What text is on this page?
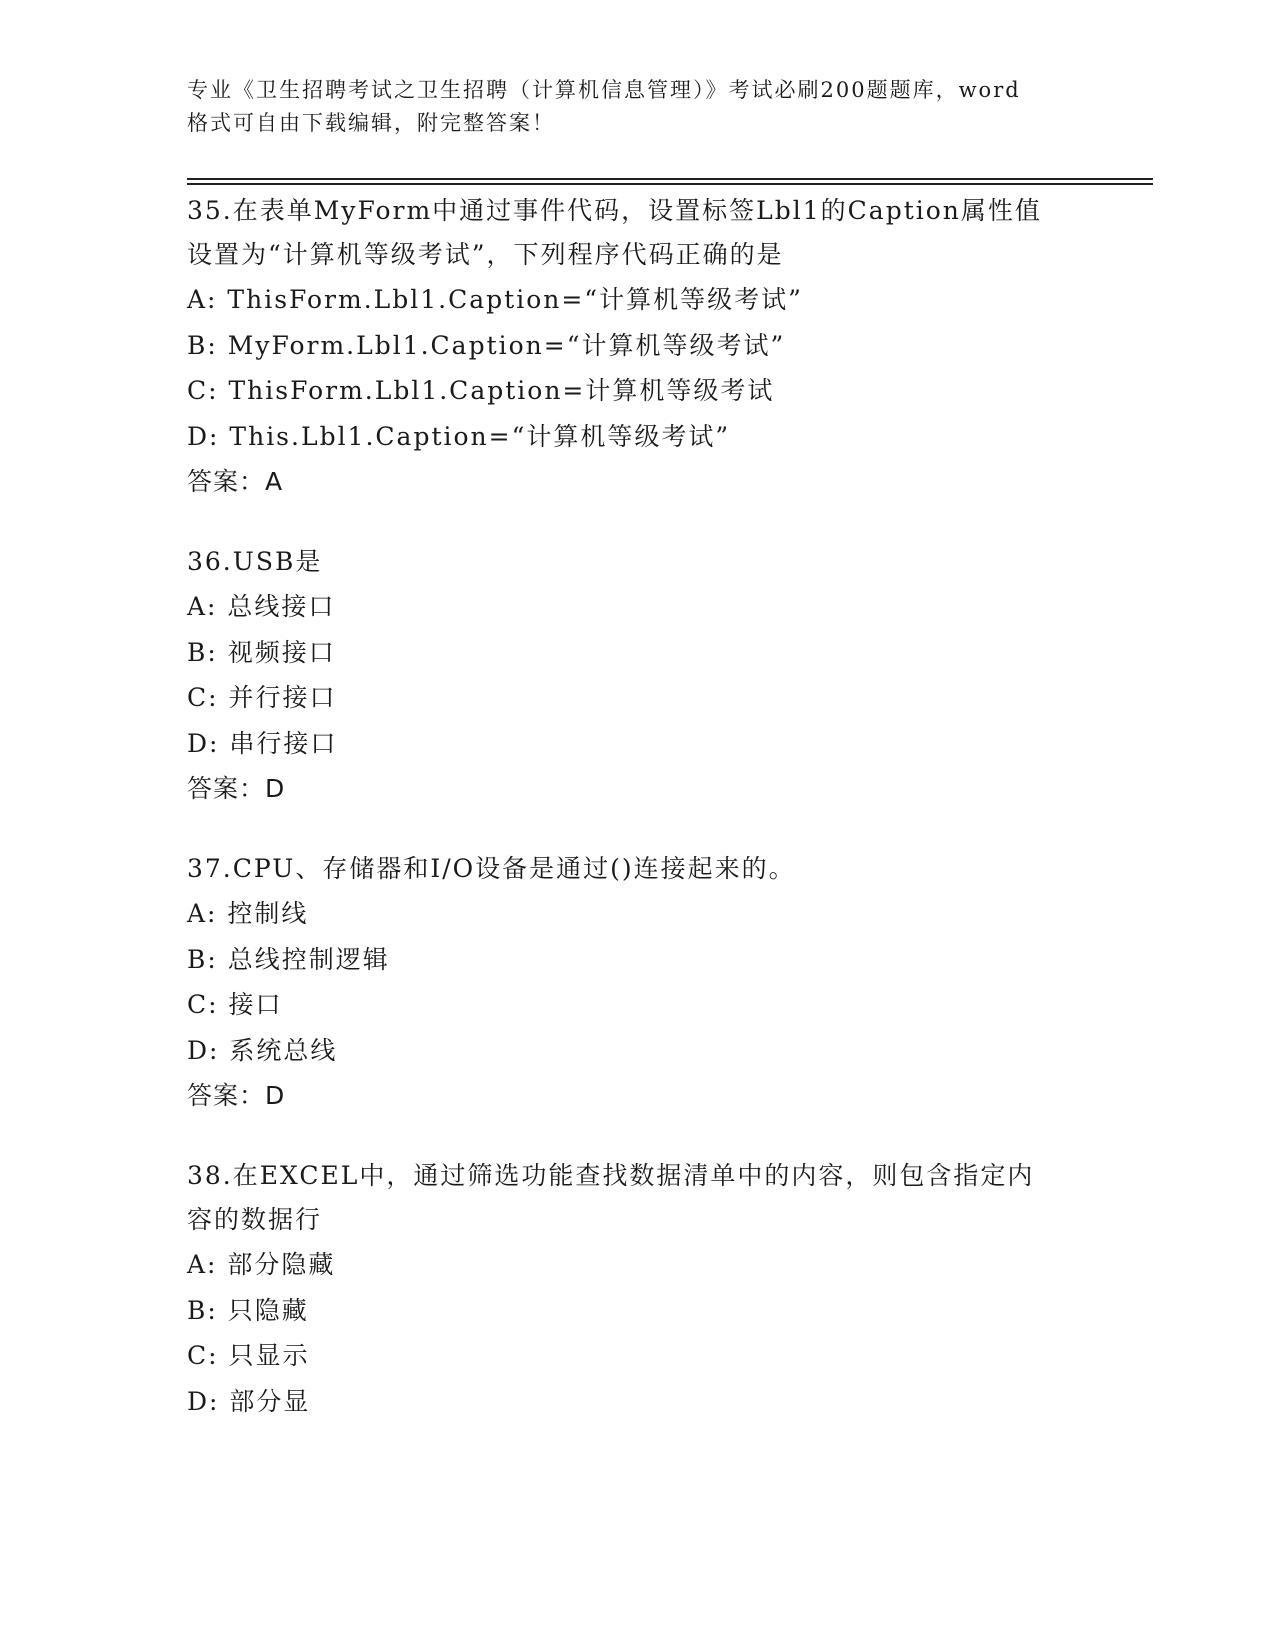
专业《卫生招聘考试之卫生招聘（计算机信息管理）》考试必刷200题题库，word
格式可自由下载编辑，附完整答案！
35.在表单MyForm中通过事件代码，设置标签Lbl1的Caption属性值
设置为“计算机等级考试”，下列程序代码正确的是
A: ThisForm.Lbl1.Caption=“计算机等级考试”
B: MyForm.Lbl1.Caption=“计算机等级考试”
C: ThisForm.Lbl1.Caption=计算机等级考试
D: This.Lbl1.Caption=“计算机等级考试”
答案：A
36.USB是
A: 总线接口
B: 视频接口
C: 并行接口
D: 串行接口
答案：D
37.CPU、存储器和I/O设备是通过()连接起来的。
A: 控制线
B: 总线控制逻辑
C: 接口
D: 系统总线
答案：D
38.在EXCEL中，通过筛选功能查找数据清单中的内容，则包含指定内
容的数据行
A: 部分隐藏
B: 只隐藏
C: 只显示
D: 部分显
